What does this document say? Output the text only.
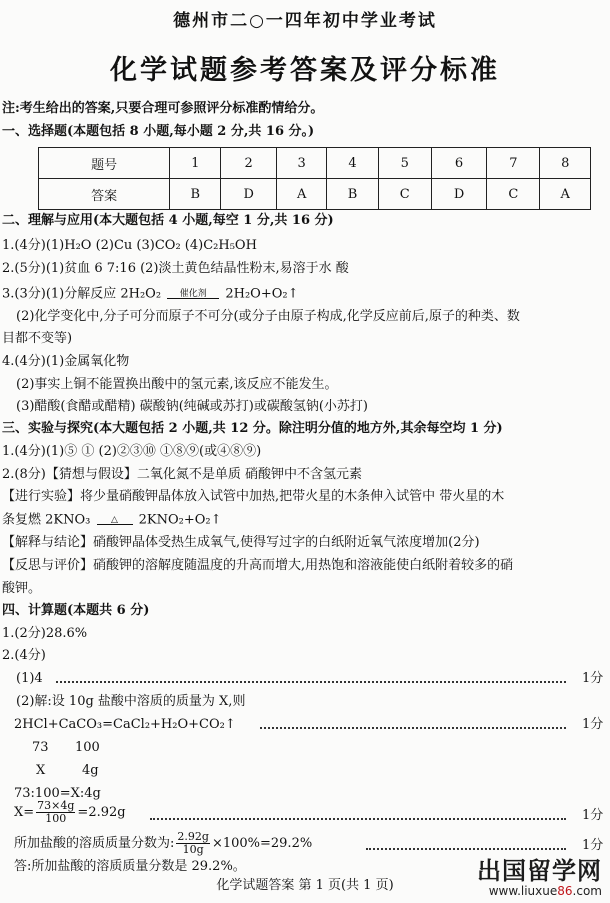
德州市二○一四年初中学业考试
化学试题参考答案及评分标准
注:考生给出的答案,只要合理可参照评分标准酌情给分。
一、选择题(本题包括 8 小题,每小题 2 分,共 16 分。)
题号	1	2	3	4	5	6	7	8
答案	B	D	A	B	C	D	C	A
二、理解与应用(本大题包括 4 小题,每空 1 分,共 16 分)
1.(4分)(1)H₂O (2)Cu (3)CO₂ (4)C₂H₅OH
2.(5分)(1)贫血 6 7:16 (2)淡土黄色结晶性粉末,易溶于水 酸
3.(3分)(1)分解反应 2H₂O₂ 催化剂 2H₂O+O₂↑
(2)化学变化中,分子可分而原子不可分(或分子由原子构成,化学反应前后,原子的种类、数
目都不变等)
4.(4分)(1)金属氧化物
(2)事实上铜不能置换出酸中的氢元素,该反应不能发生。
(3)醋酸(食醋或醋精) 碳酸钠(纯碱或苏打)或碳酸氢钠(小苏打)
三、实验与探究(本大题包括 2 小题,共 12 分。除注明分值的地方外,其余每空均 1 分)
1.(4分)(1)⑤ ① (2)②③⑩ ①⑧⑨(或④⑧⑨)
2.(8分)【猜想与假设】二氧化氮不是单质 硝酸钾中不含氢元素
【进行实验】将少量硝酸钾晶体放入试管中加热,把带火星的木条伸入试管中 带火星的木
条复燃 2KNO₃ △ 2KNO₂+O₂↑
【解释与结论】硝酸钾晶体受热生成氧气,使得写过字的白纸附近氧气浓度增加(2分)
【反思与评价】硝酸钾的溶解度随温度的升高而增大,用热饱和溶液能使白纸附着较多的硝
酸钾。
四、计算题(本题共 6 分)
1.(2分)28.6%
2.(4分)
(1)4	1分
(2)解:设 10g 盐酸中溶质的质量为 X,则
2HCl+CaCO₃=CaCl₂+H₂O+CO₂↑	1分
73 100
X	4g
73:100=X:4g
$X= \frac{73\times 4g}{100} =2.92g$	1分
所加盐酸的溶质质量分数为: $\frac{2.92g}{10g} \times 100\%=29.2\%$	1分
答:所加盐酸的溶质质量分数是 29.2%。
化学试题答案 第 1 页(共 1 页)
出国留学网
www.liuxue86.com
